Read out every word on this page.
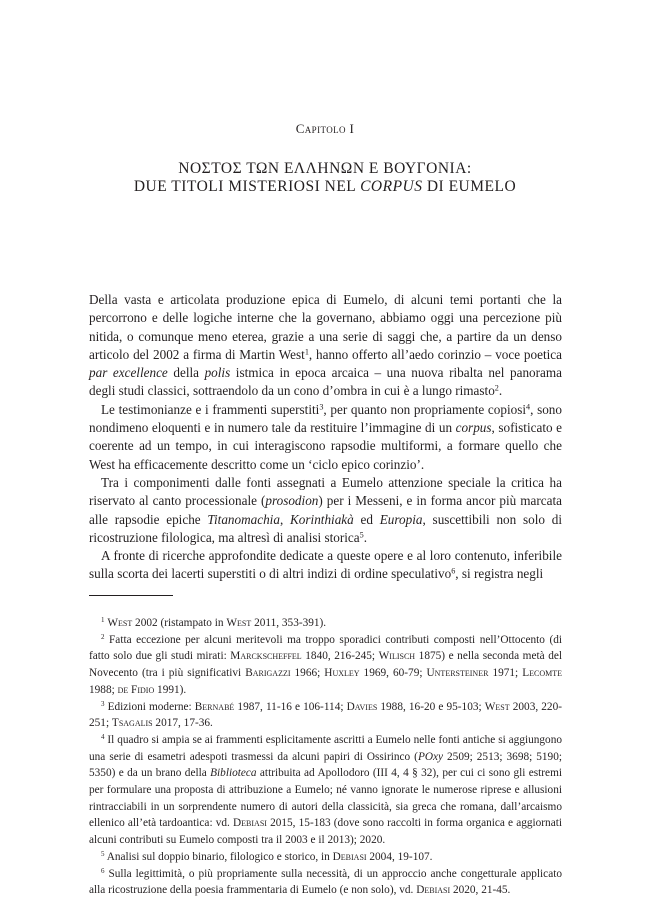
Capitolo I
ΝΟΣΤΟΣ ΤΩΝ ΕΛΛΗΝΩΝ E ΒΟΥΓΟΝΙΑ:
DUE TITOLI MISTERIOSI NEL CORPUS DI EUMELO

Della vasta e articolata produzione epica di Eumelo, di alcuni temi portanti che la percorrono e delle logiche interne che la governano, abbiamo oggi una percezione più nitida, o comunque meno eterea, grazie a una serie di saggi che, a partire da un denso articolo del 2002 a firma di Martin West$^1$, hanno offerto all’aedo corinzio – voce poetica par excellence della polis istmica in epoca arcaica – una nuova ribalta nel panorama degli studi classici, sottraendolo da un cono d’ombra in cui è a lungo rimasto$^2$.

Le testimonianze e i frammenti superstiti$^3$, per quanto non propriamente copiosi$^4$, sono nondimeno eloquenti e in numero tale da restituire l’immagine di un corpus, sofisticato e coerente ad un tempo, in cui interagiscono rapsodie multiformi, a formare quello che West ha efficacemente descritto come un ‘ciclo epico corinzio’.

Tra i componimenti dalle fonti assegnati a Eumelo attenzione speciale la critica ha riservato al canto processionale (prosodion) per i Messeni, e in forma ancor più marcata alle rapsodie epiche Titanomachia, Korinthiakà ed Europia, suscettibili non solo di ricostruzione filologica, ma altresì di analisi storica$^5$.

A fronte di ricerche approfondite dedicate a queste opere e al loro contenuto, inferibile sulla scorta dei lacerti superstiti o di altri indizi di ordine speculativo$^6$, si registra negli

$^1$ West 2002 (ristampato in West 2011, 353-391).

$^2$ Fatta eccezione per alcuni meritevoli ma troppo sporadici contributi composti nell’Ottocento (di fatto solo due gli studi mirati: Marckscheffel 1840, 216-245; Wilisch 1875) e nella seconda metà del Novecento (tra i più significativi Barigazzi 1966; Huxley 1969, 60-79; Untersteiner 1971; Lecomte 1988; de Fidio 1991).

$^3$ Edizioni moderne: Bernabé 1987, 11-16 e 106-114; Davies 1988, 16-20 e 95-103; West 2003, 220-251; Tsagalis 2017, 17-36.

$^4$ Il quadro si ampia se ai frammenti esplicitamente ascritti a Eumelo nelle fonti antiche si aggiungono una serie di esametri adespoti trasmessi da alcuni papiri di Ossirinco (POxy 2509; 2513; 3698; 5190; 5350) e da un brano della Biblioteca attribuita ad Apollodoro (III 4, 4 § 32), per cui ci sono gli estremi per formulare una proposta di attribuzione a Eumelo; né vanno ignorate le numerose riprese e allusioni rintracciabili in un sorprendente numero di autori della classicità, sia greca che romana, dall’arcaismo ellenico all’età tardoantica: vd. Debiasi 2015, 15-183 (dove sono raccolti in forma organica e aggiornati alcuni contributi su Eumelo composti tra il 2003 e il 2013); 2020.

$^5$ Analisi sul doppio binario, filologico e storico, in Debiasi 2004, 19-107.

$^6$ Sulla legittimità, o più propriamente sulla necessità, di un approccio anche congetturale applicato alla ricostruzione della poesia frammentaria di Eumelo (e non solo), vd. Debiasi 2020, 21-45.
